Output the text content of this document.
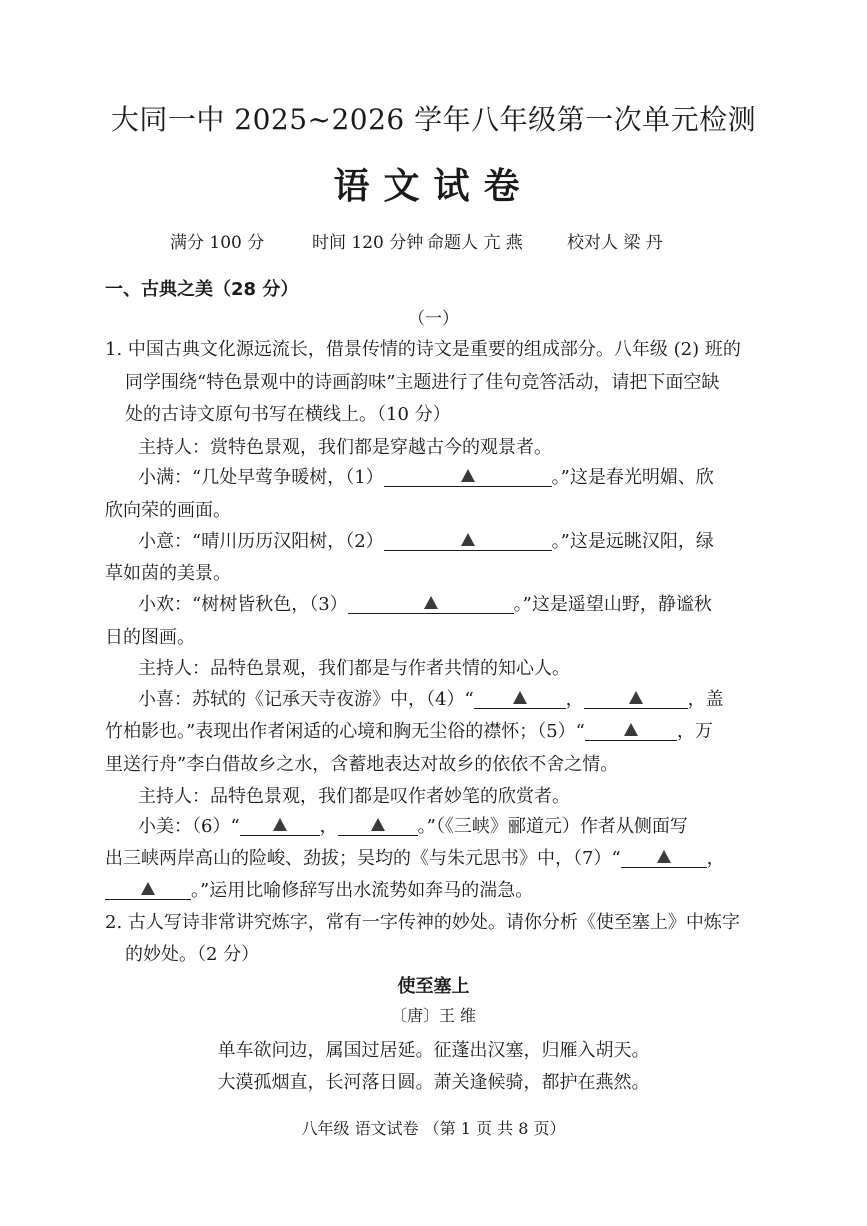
大同一中 2025~2026 学年八年级第一次单元检测
语文试卷
满分 100 分	时间 120 分钟 命题人 亢 燕	校对人 梁 丹
一、古典之美（28 分）
（一）
1. 中国古典文化源远流长，借景传情的诗文是重要的组成部分。八年级 (2) 班的
同学围绕“特色景观中的诗画韵味”主题进行了佳句竞答活动，请把下面空缺
处的古诗文原句书写在横线上。（10 分）
主持人：赏特色景观，我们都是穿越古今的观景者。
小满：“几处早莺争暖树，（1）	。”这是春光明媚、欣
欣向荣的画面。
小意：“晴川历历汉阳树，（2）	。”这是远眺汉阳，绿
草如茵的美景。
小欢：“树树皆秋色，（3）	。”这是遥望山野，静谧秋
日的图画。
主持人：品特色景观，我们都是与作者共情的知心人。
小喜：苏轼的《记承天寺夜游》中，（4）“	，	，盖
竹柏影也。”表现出作者闲适的心境和胸无尘俗的襟怀；（5）“	，万
里送行舟”李白借故乡之水，含蓄地表达对故乡的依依不舍之情。
主持人：品特色景观，我们都是叹作者妙笔的欣赏者。
小美：（6）“	，	。”（《三峡》郦道元）作者从侧面写
出三峡两岸高山的险峻、劲拔；吴均的《与朱元思书》中，（7）“	，
。”运用比喻修辞写出水流势如奔马的湍急。
2. 古人写诗非常讲究炼字，常有一字传神的妙处。请你分析《使至塞上》中炼字
的妙处。（2 分）
使至塞上
〔唐〕王 维
单车欲问边，属国过居延。征蓬出汉塞，归雁入胡天。
大漠孤烟直，长河落日圆。萧关逢候骑，都护在燕然。
八年级 语文试卷 （第 1 页 共 8 页）
